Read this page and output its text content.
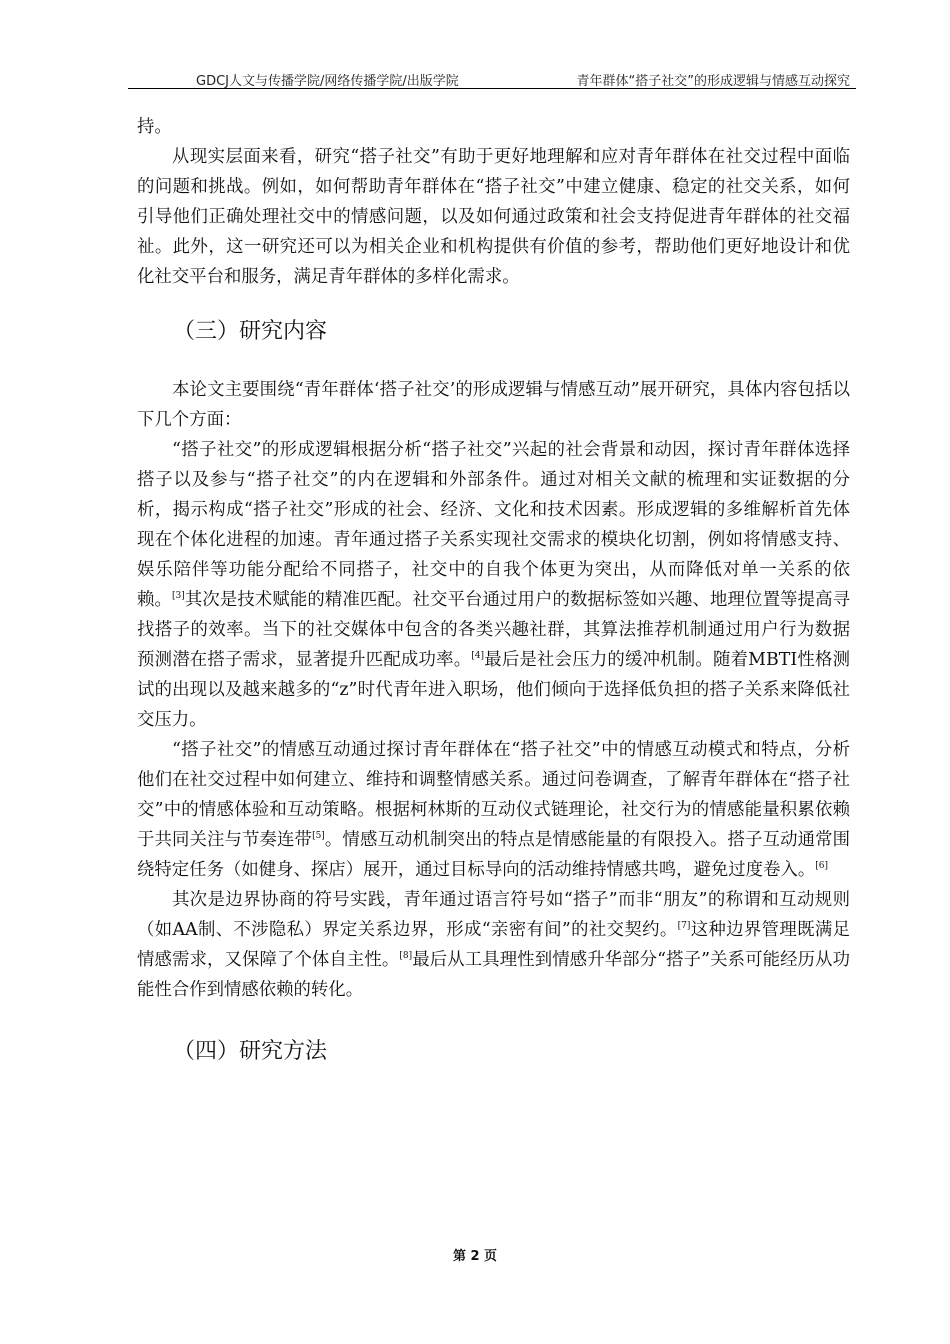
GDCJ人文与传播学院/网络传播学院/出版学院	青年群体“搭子社交”的形成逻辑与情感互动探究

持。

从现实层面来看，研究“搭子社交”有助于更好地理解和应对青年群体在社交过程中面临的问题和挑战。例如，如何帮助青年群体在“搭子社交”中建立健康、稳定的社交关系，如何引导他们正确处理社交中的情感问题，以及如何通过政策和社会支持促进青年群体的社交福祉。此外，这一研究还可以为相关企业和机构提供有价值的参考，帮助他们更好地设计和优化社交平台和服务，满足青年群体的多样化需求。

（三）研究内容

本论文主要围绕“青年群体‘搭子社交’的形成逻辑与情感互动”展开研究，具体内容包括以下几个方面：

“搭子社交”的形成逻辑根据分析“搭子社交”兴起的社会背景和动因，探讨青年群体选择搭子以及参与“搭子社交”的内在逻辑和外部条件。通过对相关文献的梳理和实证数据的分析，揭示构成“搭子社交”形成的社会、经济、文化和技术因素。形成逻辑的多维解析首先体现在个体化进程的加速。青年通过搭子关系实现社交需求的模块化切割，例如将情感支持、娱乐陪伴等功能分配给不同搭子，社交中的自我个体更为突出，从而降低对单一关系的依赖。[3]其次是技术赋能的精准匹配。社交平台通过用户的数据标签如兴趣、地理位置等提高寻找搭子的效率。当下的社交媒体中包含的各类兴趣社群，其算法推荐机制通过用户行为数据预测潜在搭子需求，显著提升匹配成功率。[4]最后是社会压力的缓冲机制。随着MBTI性格测试的出现以及越来越多的“z”时代青年进入职场，他们倾向于选择低负担的搭子关系来降低社交压力。

“搭子社交”的情感互动通过探讨青年群体在“搭子社交”中的情感互动模式和特点，分析他们在社交过程中如何建立、维持和调整情感关系。通过问卷调查，了解青年群体在“搭子社交”中的情感体验和互动策略。根据柯林斯的互动仪式链理论，社交行为的情感能量积累依赖于共同关注与节奏连带[5]。情感互动机制突出的特点是情感能量的有限投入。搭子互动通常围绕特定任务（如健身、探店）展开，通过目标导向的活动维持情感共鸣，避免过度卷入。[6]

其次是边界协商的符号实践，青年通过语言符号如“搭子”而非“朋友”的称谓和互动规则（如AA制、不涉隐私）界定关系边界，形成“亲密有间”的社交契约。[7]这种边界管理既满足情感需求，又保障了个体自主性。[8]最后从工具理性到情感升华部分“搭子”关系可能经历从功能性合作到情感依赖的转化。

（四）研究方法
第 2 页
